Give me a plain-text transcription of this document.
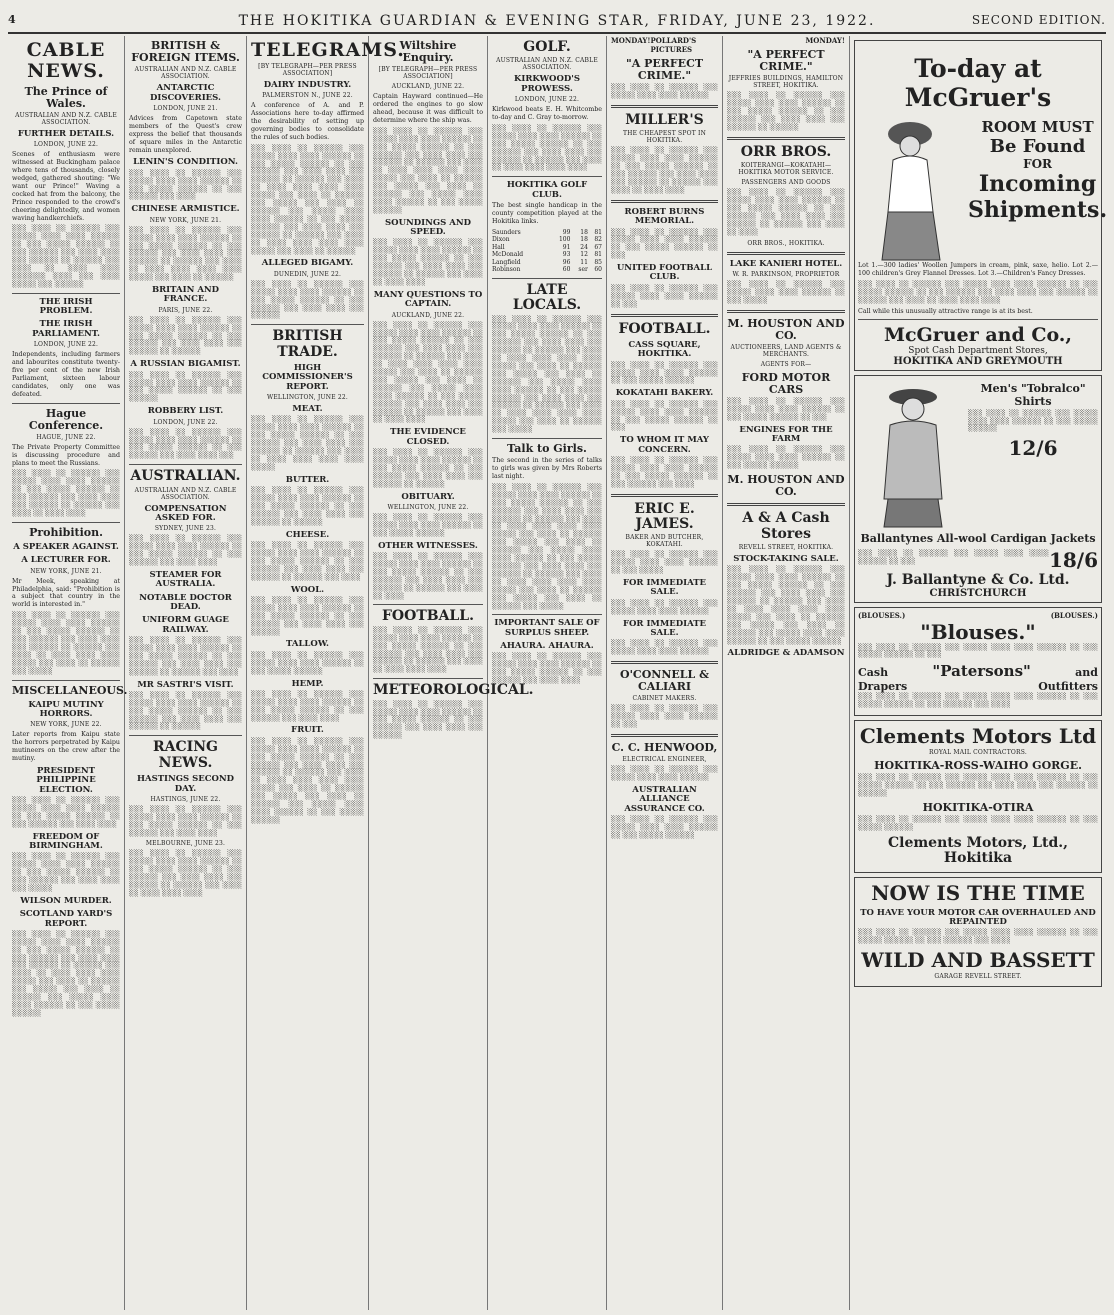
4	THE HOKITIKA GUARDIAN & EVENING STAR, FRIDAY, JUNE 23, 1922.	SECOND EDITION.
CABLE NEWS.
The Prince of Wales.
AUSTRALIAN AND N.Z. CABLE ASSOCIATION.
FURTHER DETAILS.
LONDON, JUNE 22.

Scenes of enthusiasm were witnessed at Buckingham palace where tens of thousands, closely wedged, gathered shouting: "We want our Prince!" Waving a cocked hat from the balcony, the Prince responded to the crowd's cheering delightedly, and women waving handkerchiefs.

░░░ ░░░░ ░░ ░░░░░░ ░░░ ░░░░░ ░░░░ ░░░░ ░░░░░░ ░░ ░░░ ░░░░░ ░░░░░░ ░░ ░░░ ░░░░░░ ░░░ ░░░░ ░░░░ ░░░ ░░░░░░ ░░ ░░░░░░ ░░░ ░░░░ ░░ ░░░░ ░░░░ ░░░░░░░ ░░░░ ░░░ ░░░░ ░░░░░ ░░░ ░░░░░░

THE IRISH PROBLEM.
THE IRISH PARLIAMENT.
LONDON, JUNE 22.

Independents, including farmers and labourites constitute twenty-five per cent of the new Irish Parliament, sixteen labour candidates, only one was defeated.

Hague Conference.
HAGUE, JUNE 22.

The Private Property Committee is discussing procedure and plans to meet the Russians.

░░░ ░░░░ ░░ ░░░░░░ ░░░ ░░░░░ ░░░░ ░░░░ ░░░░░░ ░░ ░░░ ░░░░░ ░░░░░░ ░░ ░░░ ░░░░░░ ░░░ ░░░░ ░░░░ ░░░ ░░░░░░ ░░ ░░░░░░ ░░░ ░░░░ ░░ ░░░░ ░░░░

Prohibition.
A SPEAKER AGAINST.
A LECTURER FOR.
NEW YORK, JUNE 21.

Mr Meek, speaking at Philadelphia, said: "Prohibition is a subject that country in the world is interested in."

░░░ ░░░░ ░░ ░░░░░░ ░░░ ░░░░░ ░░░░ ░░░░ ░░░░░░ ░░ ░░░ ░░░░░ ░░░░░░ ░░ ░░░ ░░░░░░ ░░░ ░░░░ ░░░░ ░░░ ░░░░░░ ░░ ░░░░░░ ░░░ ░░░░ ░░ ░░░░ ░░░░ ░░░░ ░░░░░ ░░░ ░░░░ ░░ ░░░░░░ ░░░ ░░░░░

MISCELLANEOUS.
KAIPU MUTINY HORRORS.
NEW YORK, JUNE 22.

Later reports from Kaipu state the horrors perpetrated by Kaipu mutineers on the crew after the mutiny.

PRESIDENT PHILIPPINE ELECTION.

░░░ ░░░░ ░░ ░░░░░░ ░░░ ░░░░░ ░░░░ ░░░░ ░░░░░░ ░░ ░░░ ░░░░░ ░░░░░░ ░░ ░░░ ░░░░░░ ░░░ ░░░░ ░░░░

FREEDOM OF BIRMINGHAM.

░░░ ░░░░ ░░ ░░░░░░ ░░░ ░░░░░ ░░░░ ░░░░ ░░░░░░ ░░ ░░░ ░░░░░ ░░░░░░ ░░ ░░░ ░░░░░░ ░░░ ░░░░ ░░░░ ░░░ ░░░░░

WILSON MURDER.
SCOTLAND YARD'S REPORT.

░░░ ░░░░ ░░ ░░░░░░ ░░░ ░░░░░ ░░░░ ░░░░ ░░░░░░ ░░ ░░░ ░░░░░ ░░░░░░ ░░ ░░░ ░░░░░░ ░░░ ░░░░ ░░░░ ░░░ ░░░░░░ ░░ ░░░░░░ ░░░ ░░░░ ░░ ░░░░ ░░░░ ░░░░ ░░░░░ ░░░ ░░░░ ░░ ░░░░░░ ░░░ ░░░░░ ░░░ ░░░░ ░░ ░░░░░░ ░░░ ░░░░░ ░░░░ ░░░░ ░░░░░░ ░░ ░░░ ░░░░░ ░░░░░░

BRITISH & FOREIGN ITEMS.
AUSTRALIAN AND N.Z. CABLE ASSOCIATION.
ANTARCTIC DISCOVERIES.
LONDON, JUNE 21.

Advices from Capetown state members of the Quest's crew express the belief that thousands of square miles in the Antarctic remain unexplored.

LENIN'S CONDITION.

░░░ ░░░░ ░░ ░░░░░░ ░░░ ░░░░░ ░░░░ ░░░░ ░░░░░░ ░░ ░░░ ░░░░░ ░░░░░░ ░░ ░░░ ░░░░░░ ░░░ ░░░░

CHINESE ARMISTICE.
NEW YORK, JUNE 21.

░░░ ░░░░ ░░ ░░░░░░ ░░░ ░░░░░ ░░░░ ░░░░ ░░░░░░ ░░ ░░░ ░░░░░ ░░░░░░ ░░ ░░░ ░░░░░░ ░░░ ░░░░ ░░░░ ░░░ ░░░░░░ ░░ ░░░░░░ ░░░ ░░░░ ░░ ░░░░ ░░░░ ░░░░ ░░░░ ░░░░░ ░░░ ░░░░ ░░ ░░░░░░

BRITAIN AND FRANCE.
PARIS, JUNE 22.

░░░ ░░░░ ░░ ░░░░░░ ░░░ ░░░░░ ░░░░ ░░░░ ░░░░░░ ░░ ░░░ ░░░░░ ░░░░░░ ░░ ░░░ ░░░░░░ ░░░ ░░░░ ░░░░ ░░░ ░░░░░░ ░░ ░░░░░░

A RUSSIAN BIGAMIST.

░░░ ░░░░ ░░ ░░░░░░ ░░░ ░░░░░ ░░░░ ░░░░ ░░░░░░ ░░ ░░░ ░░░░░ ░░░░░░ ░░ ░░░ ░░░░░░

ROBBERY LIST.
LONDON, JUNE 22.

░░░ ░░░░ ░░ ░░░░░░ ░░░ ░░░░░ ░░░░ ░░░░ ░░░░░░ ░░ ░░░ ░░░░░ ░░░░░░ ░░ ░░░ ░░░░░░ ░░░ ░░░░ ░░░░ ░░░

AUSTRALIAN.
AUSTRALIAN AND N.Z. CABLE ASSOCIATION.
COMPENSATION ASKED FOR.
SYDNEY, JUNE 23.

░░░ ░░░░ ░░ ░░░░░░ ░░░ ░░░░░ ░░░░ ░░░░ ░░░░░░ ░░ ░░░ ░░░░░ ░░░░░░ ░░ ░░░ ░░░░░░ ░░░ ░░░░ ░░░░

STEAMER FOR AUSTRALIA.
NOTABLE DOCTOR DEAD.
UNIFORM GUAGE RAILWAY.

░░░ ░░░░ ░░ ░░░░░░ ░░░ ░░░░░ ░░░░ ░░░░ ░░░░░░ ░░ ░░░ ░░░░░ ░░░░░░ ░░ ░░░ ░░░░░░ ░░░ ░░░░ ░░░░ ░░░ ░░░░░░ ░░ ░░░░░░ ░░░ ░░░░

MR SASTRI'S VISIT.

░░░ ░░░░ ░░ ░░░░░░ ░░░ ░░░░░ ░░░░ ░░░░ ░░░░░░ ░░ ░░░ ░░░░░ ░░░░░░ ░░ ░░░ ░░░░░░ ░░░ ░░░░ ░░░░ ░░░ ░░░░░░ ░░ ░░░░░░

RACING NEWS.
HASTINGS SECOND DAY.
HASTINGS, JUNE 22.

░░░ ░░░░ ░░ ░░░░░░ ░░░ ░░░░░ ░░░░ ░░░░ ░░░░░░ ░░ ░░░ ░░░░░ ░░░░░░ ░░ ░░░ ░░░░░░ ░░░ ░░░░ ░░░░

MELBOURNE, JUNE 23.

░░░ ░░░░ ░░ ░░░░░░ ░░░ ░░░░░ ░░░░ ░░░░ ░░░░░░ ░░ ░░░ ░░░░░ ░░░░░░ ░░ ░░░ ░░░░░░ ░░░ ░░░░ ░░░░ ░░░ ░░░░░░ ░░ ░░░░░░ ░░░ ░░░░ ░░ ░░░░ ░░░░ ░░░░

TELEGRAMS.
[BY TELEGRAPH—PER PRESS ASSOCIATION]
DAIRY INDUSTRY.
PALMERSTON N., JUNE 22.

A conference of A. and P. Associations here to-day affirmed the desirability of setting up governing bodies to consolidate the rules of such bodies.

░░░ ░░░░ ░░ ░░░░░░ ░░░ ░░░░░ ░░░░ ░░░░ ░░░░░░ ░░ ░░░ ░░░░░ ░░░░░░ ░░ ░░░ ░░░░░░ ░░░ ░░░░ ░░░░ ░░░ ░░░░░░ ░░ ░░░░░░ ░░░ ░░░░ ░░ ░░░░ ░░░░ ░░░░ ░░░░ ░░░░░ ░░░ ░░░░ ░░ ░░░░░░ ░░░ ░░░░░ ░░░ ░░░░ ░░ ░░░░░░ ░░░ ░░░░░ ░░░░ ░░░░ ░░░░░░ ░░ ░░░ ░░░░░ ░░░░░░ ░░░ ░░░░ ░░░░ ░░░ ░░░░░░ ░░ ░░░░░░ ░░░ ░░░░ ░░ ░░░░ ░░░░ ░░░░ ░░░░ ░░░░░ ░░░ ░░░░ ░░ ░░░░░░

ALLEGED BIGAMY.
DUNEDIN, JUNE 22.

░░░ ░░░░ ░░ ░░░░░░ ░░░ ░░░░░ ░░░░ ░░░░ ░░░░░░ ░░ ░░░ ░░░░░ ░░░░░░ ░░ ░░░ ░░░░░░ ░░░ ░░░░ ░░░░ ░░░ ░░░░░░

BRITISH TRADE.
HIGH COMMISSIONER'S REPORT.
WELLINGTON, JUNE 22.
MEAT.

░░░ ░░░░ ░░ ░░░░░░ ░░░ ░░░░░ ░░░░ ░░░░ ░░░░░░ ░░ ░░░ ░░░░░ ░░░░░░ ░░ ░░░ ░░░░░░ ░░░ ░░░░ ░░░░ ░░░ ░░░░░░ ░░ ░░░░░░ ░░░ ░░░░ ░░ ░░░░ ░░░░ ░░░░ ░░░░ ░░░░░

BUTTER.

░░░ ░░░░ ░░ ░░░░░░ ░░░ ░░░░░ ░░░░ ░░░░ ░░░░░░ ░░ ░░░ ░░░░░ ░░░░░░ ░░ ░░░ ░░░░░░ ░░░ ░░░░ ░░░░ ░░░ ░░░░░░ ░░ ░░░░░░

CHEESE.

░░░ ░░░░ ░░ ░░░░░░ ░░░ ░░░░░ ░░░░ ░░░░ ░░░░░░ ░░ ░░░ ░░░░░ ░░░░░░ ░░ ░░░ ░░░░░░ ░░░ ░░░░ ░░░░ ░░░ ░░░░░░ ░░ ░░░░░░ ░░░ ░░░░

WOOL.

░░░ ░░░░ ░░ ░░░░░░ ░░░ ░░░░░ ░░░░ ░░░░ ░░░░░░ ░░ ░░░ ░░░░░ ░░░░░░ ░░ ░░░ ░░░░░░ ░░░ ░░░░ ░░░░ ░░░ ░░░░░░

TALLOW.

░░░ ░░░░ ░░ ░░░░░░ ░░░ ░░░░░ ░░░░ ░░░░ ░░░░░░ ░░ ░░░ ░░░░░ ░░░░░░

HEMP.

░░░ ░░░░ ░░ ░░░░░░ ░░░ ░░░░░ ░░░░ ░░░░ ░░░░░░ ░░ ░░░ ░░░░░ ░░░░░░ ░░ ░░░ ░░░░░░ ░░░ ░░░░ ░░░░

FRUIT.

░░░ ░░░░ ░░ ░░░░░░ ░░░ ░░░░░ ░░░░ ░░░░ ░░░░░░ ░░ ░░░ ░░░░░ ░░░░░░ ░░ ░░░ ░░░░░░ ░░░ ░░░░ ░░░░ ░░░ ░░░░░░ ░░ ░░░░░░ ░░░ ░░░░ ░░ ░░░░ ░░░░ ░░░░ ░░░░ ░░░░░ ░░░ ░░░░ ░░ ░░░░░░ ░░░ ░░░░░ ░░░ ░░░░ ░░ ░░░░░░ ░░░ ░░░░░ ░░░░ ░░░░ ░░░░░░ ░░ ░░░ ░░░░░ ░░░░░░

Wiltshire Enquiry.
[BY TELEGRAPH—PER PRESS ASSOCIATION]
AUCKLAND, JUNE 22.

Captain Hayward continued—He ordered the engines to go slow ahead, because it was difficult to determine where the ship was.

░░░ ░░░░ ░░ ░░░░░░ ░░░ ░░░░░ ░░░░ ░░░░ ░░░░░░ ░░ ░░░ ░░░░░ ░░░░░░ ░░ ░░░ ░░░░░░ ░░░ ░░░░ ░░░░ ░░░ ░░░░░░ ░░ ░░░░░░ ░░░ ░░░░ ░░ ░░░░ ░░░░ ░░░░ ░░░░ ░░░░░ ░░░ ░░░░ ░░ ░░░░░░ ░░░ ░░░░░ ░░░ ░░░░ ░░ ░░░░░░ ░░░ ░░░░░ ░░░░ ░░░░ ░░░░░░ ░░ ░░░ ░░░░░ ░░░░░░

SOUNDINGS AND SPEED.

░░░ ░░░░ ░░ ░░░░░░ ░░░ ░░░░░ ░░░░ ░░░░ ░░░░░░ ░░ ░░░ ░░░░░ ░░░░░░ ░░ ░░░ ░░░░░░ ░░░ ░░░░ ░░░░ ░░░ ░░░░░░ ░░ ░░░░░░ ░░░ ░░░░ ░░ ░░░░ ░░░░

MANY QUESTIONS TO CAPTAIN.
AUCKLAND, JUNE 22.

░░░ ░░░░ ░░ ░░░░░░ ░░░ ░░░░░ ░░░░ ░░░░ ░░░░░░ ░░ ░░░ ░░░░░ ░░░░░░ ░░ ░░░ ░░░░░░ ░░░ ░░░░ ░░░░ ░░░ ░░░░░░ ░░ ░░░░░░ ░░░ ░░░░ ░░ ░░░░ ░░░░ ░░░░ ░░░░ ░░░░░ ░░░ ░░░░ ░░ ░░░░░░ ░░░ ░░░░░ ░░░ ░░░░ ░░ ░░░░░░ ░░░ ░░░░░ ░░░░ ░░░░ ░░░░░░ ░░ ░░░ ░░░░░ ░░░░░░ ░░░ ░░░░ ░░░░ ░░░ ░░░░░░ ░░ ░░░░░░ ░░░ ░░░░ ░░ ░░░░ ░░░░

THE EVIDENCE CLOSED.

░░░ ░░░░ ░░ ░░░░░░ ░░░ ░░░░░ ░░░░ ░░░░ ░░░░░░ ░░ ░░░ ░░░░░ ░░░░░░ ░░ ░░░ ░░░░░░ ░░░ ░░░░ ░░░░ ░░░ ░░░░░░ ░░ ░░░░░░

OBITUARY.
WELLINGTON, JUNE 22.

░░░ ░░░░ ░░ ░░░░░░ ░░░ ░░░░░ ░░░░ ░░░░ ░░░░░░ ░░ ░░░ ░░░░░ ░░░░░░

OTHER WITNESSES.

░░░ ░░░░ ░░ ░░░░░░ ░░░ ░░░░░ ░░░░ ░░░░ ░░░░░░ ░░ ░░░ ░░░░░ ░░░░░░ ░░ ░░░ ░░░░░░ ░░░ ░░░░ ░░░░ ░░░ ░░░░░░ ░░ ░░░░░░ ░░░ ░░░░ ░░ ░░░░

FOOTBALL.

░░░ ░░░░ ░░ ░░░░░░ ░░░ ░░░░░ ░░░░ ░░░░ ░░░░░░ ░░ ░░░ ░░░░░ ░░░░░░ ░░ ░░░ ░░░░░░ ░░░ ░░░░ ░░░░ ░░░ ░░░░░░ ░░ ░░░░░░ ░░░ ░░░░ ░░ ░░░░ ░░░░ ░░░░

METEOROLOGICAL.

░░░ ░░░░ ░░ ░░░░░░ ░░░ ░░░░░ ░░░░ ░░░░ ░░░░░░ ░░ ░░░ ░░░░░ ░░░░░░ ░░ ░░░ ░░░░░░ ░░░ ░░░░ ░░░░ ░░░ ░░░░░░

GOLF.
AUSTRALIAN AND N.Z. CABLE ASSOCIATION.
KIRKWOOD'S PROWESS.
LONDON, JUNE 22.

Kirkwood beats E. H. Whitcombe to-day and C. Gray to-morrow.

░░░ ░░░░ ░░ ░░░░░░ ░░░ ░░░░░ ░░░░ ░░░░ ░░░░░░ ░░ ░░░ ░░░░░ ░░░░░░ ░░ ░░░ ░░░░░░ ░░░ ░░░░ ░░░░ ░░░ ░░░░░░ ░░ ░░░░░░ ░░░ ░░░░ ░░ ░░░░ ░░░░ ░░░░ ░░░░

HOKITIKA GOLF CLUB.

The best single handicap in the county competition played at the Hokitika links.

Saunders	99	18	81
Dixon	100	18	82
Hall	91	24	67
McDonald	93	12	81
Langfield	96	11	85
Robinson	60	ser	60
LATE LOCALS.

░░░ ░░░░ ░░ ░░░░░░ ░░░ ░░░░░ ░░░░ ░░░░ ░░░░░░ ░░ ░░░ ░░░░░ ░░░░░░ ░░ ░░░ ░░░░░░ ░░░ ░░░░ ░░░░ ░░░ ░░░░░░ ░░ ░░░░░░ ░░░ ░░░░ ░░ ░░░░ ░░░░ ░░░░ ░░░░ ░░░░░ ░░░ ░░░░ ░░ ░░░░░░ ░░░ ░░░░░ ░░░ ░░░░ ░░ ░░░░░░ ░░░ ░░░░░ ░░░░ ░░░░ ░░░░░░ ░░ ░░░ ░░░░░ ░░░░░░ ░░░ ░░░░ ░░░░ ░░░ ░░░░░░ ░░ ░░░░░░ ░░░ ░░░░ ░░ ░░░░ ░░░░ ░░░░ ░░░░ ░░░░░ ░░░ ░░░░ ░░ ░░░░░░ ░░░ ░░░░░

Talk to Girls.

The second in the series of talks to girls was given by Mrs Roberts last night.

░░░ ░░░░ ░░ ░░░░░░ ░░░ ░░░░░ ░░░░ ░░░░ ░░░░░░ ░░ ░░░ ░░░░░ ░░░░░░ ░░ ░░░ ░░░░░░ ░░░ ░░░░ ░░░░ ░░░ ░░░░░░ ░░ ░░░░░░ ░░░ ░░░░ ░░ ░░░░ ░░░░ ░░░░ ░░░░ ░░░░░ ░░░ ░░░░ ░░ ░░░░░░ ░░░ ░░░░░ ░░░ ░░░░ ░░ ░░░░░░ ░░░ ░░░░░ ░░░░ ░░░░ ░░░░░░ ░░ ░░░ ░░░░░ ░░░░░░ ░░░ ░░░░ ░░░░ ░░░ ░░░░░░ ░░ ░░░░░░ ░░░ ░░░░ ░░ ░░░░ ░░░░ ░░░░ ░░░░ ░░░░░ ░░░ ░░░░ ░░ ░░░░░░ ░░░ ░░░░░ ░░░ ░░░░ ░░ ░░░░░░ ░░░ ░░░░░

IMPORTANT SALE OF SURPLUS SHEEP.
AHAURA. AHAURA.

░░░ ░░░░ ░░ ░░░░░░ ░░░ ░░░░░ ░░░░ ░░░░ ░░░░░░ ░░ ░░░ ░░░░░ ░░░░░░ ░░ ░░░ ░░░░░░ ░░░ ░░░░ ░░░░

MONDAY! POLLARD'S PICTURES
"A PERFECT CRIME."

░░░ ░░░░ ░░ ░░░░░░ ░░░ ░░░░░ ░░░░ ░░░░ ░░░░░░

MILLER'S
THE CHEAPEST SPOT IN HOKITIKA.

░░░ ░░░░ ░░ ░░░░░░ ░░░ ░░░░░ ░░░░ ░░░░ ░░░░░░ ░░ ░░░ ░░░░░ ░░░░░░ ░░ ░░░ ░░░░░░ ░░░ ░░░░ ░░░░ ░░░ ░░░░░░ ░░ ░░░░░░ ░░░ ░░░░ ░░ ░░░░ ░░░░

ROBERT BURNS MEMORIAL.

░░░ ░░░░ ░░ ░░░░░░ ░░░ ░░░░░ ░░░░ ░░░░ ░░░░░░ ░░ ░░░ ░░░░░ ░░░░░░ ░░ ░░░

UNITED FOOTBALL CLUB.

░░░ ░░░░ ░░ ░░░░░░ ░░░ ░░░░░ ░░░░ ░░░░ ░░░░░░ ░░ ░░░

FOOTBALL.
CASS SQUARE, HOKITIKA.

░░░ ░░░░ ░░ ░░░░░░ ░░░ ░░░░░ ░░░░ ░░░░ ░░░░░░ ░░ ░░░ ░░░░░ ░░░░░░

KOKATAHI BAKERY.

░░░ ░░░░ ░░ ░░░░░░ ░░░ ░░░░░ ░░░░ ░░░░ ░░░░░░ ░░ ░░░ ░░░░░ ░░░░░░ ░░ ░░░

TO WHOM IT MAY CONCERN.

░░░ ░░░░ ░░ ░░░░░░ ░░░ ░░░░░ ░░░░ ░░░░ ░░░░░░ ░░ ░░░ ░░░░░ ░░░░░░ ░░ ░░░ ░░░░░░ ░░░ ░░░░

ERIC E. JAMES.
BAKER AND BUTCHER, KOKATAHI.

░░░ ░░░░ ░░ ░░░░░░ ░░░ ░░░░░ ░░░░ ░░░░ ░░░░░░ ░░ ░░░ ░░░░░

FOR IMMEDIATE SALE.

░░░ ░░░░ ░░ ░░░░░░ ░░░ ░░░░░ ░░░░ ░░░░ ░░░░░░

FOR IMMEDIATE SALE.

░░░ ░░░░ ░░ ░░░░░░ ░░░ ░░░░░ ░░░░ ░░░░ ░░░░░░

O'CONNELL & CALIARI
CABINET MAKERS.

░░░ ░░░░ ░░ ░░░░░░ ░░░ ░░░░░ ░░░░ ░░░░ ░░░░░░ ░░ ░░░

C. C. HENWOOD,
ELECTRICAL ENGINEER,

░░░ ░░░░ ░░ ░░░░░░ ░░░ ░░░░░ ░░░░ ░░░░ ░░░░░░

AUSTRALIAN ALLIANCE ASSURANCE CO.

░░░ ░░░░ ░░ ░░░░░░ ░░░ ░░░░░ ░░░░ ░░░░ ░░░░░░ ░░ ░░░ ░░░░░ ░░░░░░

MONDAY!
"A PERFECT CRIME."
JEFFRIES BUILDINGS, HAMILTON STREET, HOKITIKA.

░░░ ░░░░ ░░ ░░░░░░ ░░░ ░░░░░ ░░░░ ░░░░ ░░░░░░ ░░ ░░░ ░░░░░ ░░░░░░ ░░ ░░░ ░░░░░░ ░░░ ░░░░ ░░░░ ░░░ ░░░░░░ ░░ ░░░░░░

ORR BROS.
KOITERANGI—KOKATAHI—HOKITIKA MOTOR SERVICE.
PASSENGERS AND GOODS

░░░ ░░░░ ░░ ░░░░░░ ░░░ ░░░░░ ░░░░ ░░░░ ░░░░░░ ░░ ░░░ ░░░░░ ░░░░░░ ░░ ░░░ ░░░░░░ ░░░ ░░░░ ░░░░ ░░░ ░░░░░░ ░░ ░░░░░░ ░░░ ░░░░ ░░ ░░░░

ORR BROS., HOKITIKA.
LAKE KANIERI HOTEL.
W. R. PARKINSON, PROPRIETOR

░░░ ░░░░ ░░ ░░░░░░ ░░░ ░░░░░ ░░░░ ░░░░ ░░░░░░ ░░ ░░░ ░░░░░

M. HOUSTON AND CO.
AUCTIONEERS, LAND AGENTS & MERCHANTS.
AGENTS FOR—
FORD MOTOR CARS

░░░ ░░░░ ░░ ░░░░░░ ░░░ ░░░░░ ░░░░ ░░░░ ░░░░░░ ░░ ░░░ ░░░░░ ░░░░░░ ░░ ░░░

ENGINES FOR THE FARM

░░░ ░░░░ ░░ ░░░░░░ ░░░ ░░░░░ ░░░░ ░░░░ ░░░░░░ ░░ ░░░ ░░░░░ ░░░░░░

M. HOUSTON AND CO.
A & A Cash Stores
REVELL STREET, HOKITIKA.
STOCK-TAKING SALE.

░░░ ░░░░ ░░ ░░░░░░ ░░░ ░░░░░ ░░░░ ░░░░ ░░░░░░ ░░ ░░░ ░░░░░ ░░░░░░ ░░ ░░░ ░░░░░░ ░░░ ░░░░ ░░░░ ░░░ ░░░░░░ ░░ ░░░░░░ ░░░ ░░░░ ░░ ░░░░ ░░░░ ░░░░ ░░░░ ░░░░░ ░░░ ░░░░ ░░ ░░░░░░ ░░░ ░░░░░ ░░░ ░░░░ ░░ ░░░░░░ ░░░ ░░░░░ ░░░░ ░░░░ ░░░░░░ ░░ ░░░ ░░░░░ ░░░░░░

ALDRIDGE & ADAMSON
To-day at McGruer's
ROOM MUST
Be Found
FOR
Incoming
Shipments.

Lot 1.—300 ladies' Woollen Jumpers in cream, pink, saxe, helio. Lot 2.—100 children's Grey Flannel Dresses. Lot 3.—Children's Fancy Dresses.

░░░ ░░░░ ░░ ░░░░░░ ░░░ ░░░░░ ░░░░ ░░░░ ░░░░░░ ░░ ░░░ ░░░░░ ░░░░░░ ░░ ░░░ ░░░░░░ ░░░ ░░░░ ░░░░ ░░░ ░░░░░░ ░░ ░░░░░░ ░░░ ░░░░ ░░ ░░░░ ░░░░ ░░░░

Call while this unusually attractive range is at its best.

McGruer and Co.,
Spot Cash Department Stores,
HOKITIKA AND GREYMOUTH
Men's "Tobralco" Shirts

░░░ ░░░░ ░░ ░░░░░░ ░░░ ░░░░░ ░░░░ ░░░░ ░░░░░░ ░░ ░░░ ░░░░░ ░░░░░░

12/6
Ballantynes All-wool Cardigan Jackets

░░░ ░░░░ ░░ ░░░░░░ ░░░ ░░░░░ ░░░░ ░░░░ ░░░░░░ ░░ ░░░	18/6
J. Ballantyne & Co. Ltd.
CHRISTCHURCH
(BLOUSES.)	(BLOUSES.)
"Blouses."

░░░ ░░░░ ░░ ░░░░░░ ░░░ ░░░░░ ░░░░ ░░░░ ░░░░░░ ░░ ░░░ ░░░░░ ░░░░░░ ░░ ░░░

Cash	"Patersons"	and
Drapers	Outfitters

░░░ ░░░░ ░░ ░░░░░░ ░░░ ░░░░░ ░░░░ ░░░░ ░░░░░░ ░░ ░░░ ░░░░░ ░░░░░░ ░░ ░░░ ░░░░░░ ░░░ ░░░░

Clements Motors Ltd
ROYAL MAIL CONTRACTORS.
HOKITIKA-ROSS-WAIHO GORGE.

░░░ ░░░░ ░░ ░░░░░░ ░░░ ░░░░░ ░░░░ ░░░░ ░░░░░░ ░░ ░░░ ░░░░░ ░░░░░░ ░░ ░░░ ░░░░░░ ░░░ ░░░░ ░░░░ ░░░ ░░░░░░ ░░ ░░░░░░

HOKITIKA-OTIRA

░░░ ░░░░ ░░ ░░░░░░ ░░░ ░░░░░ ░░░░ ░░░░ ░░░░░░ ░░ ░░░ ░░░░░ ░░░░░░

Clements Motors, Ltd., Hokitika
NOW IS THE TIME
TO HAVE YOUR MOTOR CAR OVERHAULED AND REPAINTED

░░░ ░░░░ ░░ ░░░░░░ ░░░ ░░░░░ ░░░░ ░░░░ ░░░░░░ ░░ ░░░ ░░░░░ ░░░░░░ ░░ ░░░ ░░░░░░ ░░░ ░░░░

WILD AND BASSETT
GARAGE REVELL STREET.
